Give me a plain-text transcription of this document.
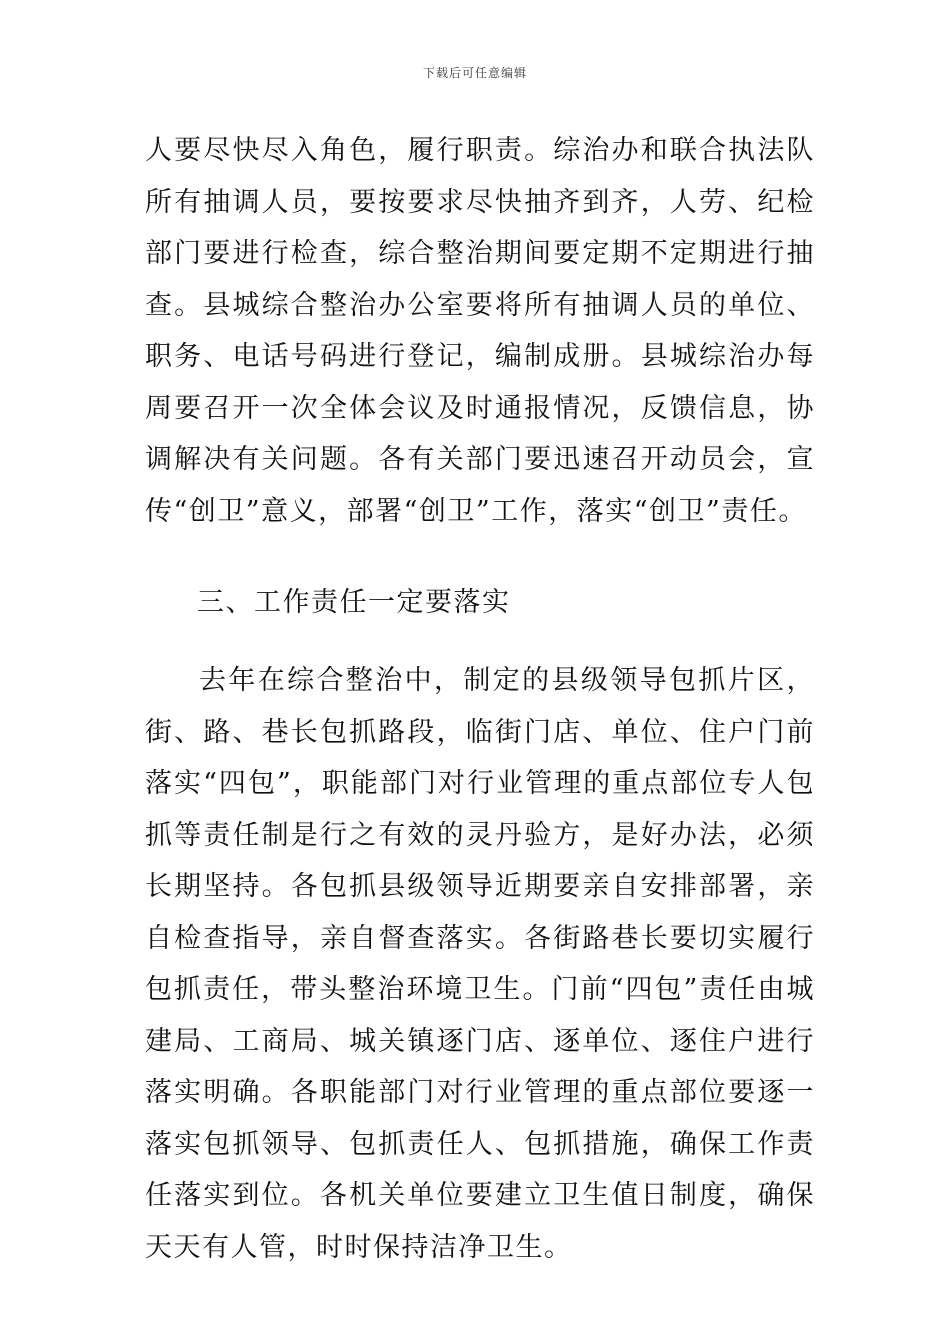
下载后可任意编辑

人要尽快尽入角色，履行职责。综治办和联合执法队所有抽调人员，要按要求尽快抽齐到齐，人劳、纪检部门要进行检查，综合整治期间要定期不定期进行抽查。县城综合整治办公室要将所有抽调人员的单位、职务、电话号码进行登记，编制成册。县城综治办每周要召开一次全体会议及时通报情况，反馈信息，协调解决有关问题。各有关部门要迅速召开动员会，宣传“创卫”意义，部署“创卫”工作，落实“创卫”责任。

三、工作责任一定要落实

去年在综合整治中，制定的县级领导包抓片区，街、路、巷长包抓路段，临街门店、单位、住户门前落实“四包”，职能部门对行业管理的重点部位专人包抓等责任制是行之有效的灵丹验方，是好办法，必须长期坚持。各包抓县级领导近期要亲自安排部署，亲自检查指导，亲自督查落实。各街路巷长要切实履行包抓责任，带头整治环境卫生。门前“四包”责任由城建局、工商局、城关镇逐门店、逐单位、逐住户进行落实明确。各职能部门对行业管理的重点部位要逐一落实包抓领导、包抓责任人、包抓措施，确保工作责任落实到位。各机关单位要建立卫生值日制度，确保天天有人管，时时保持洁净卫生。
